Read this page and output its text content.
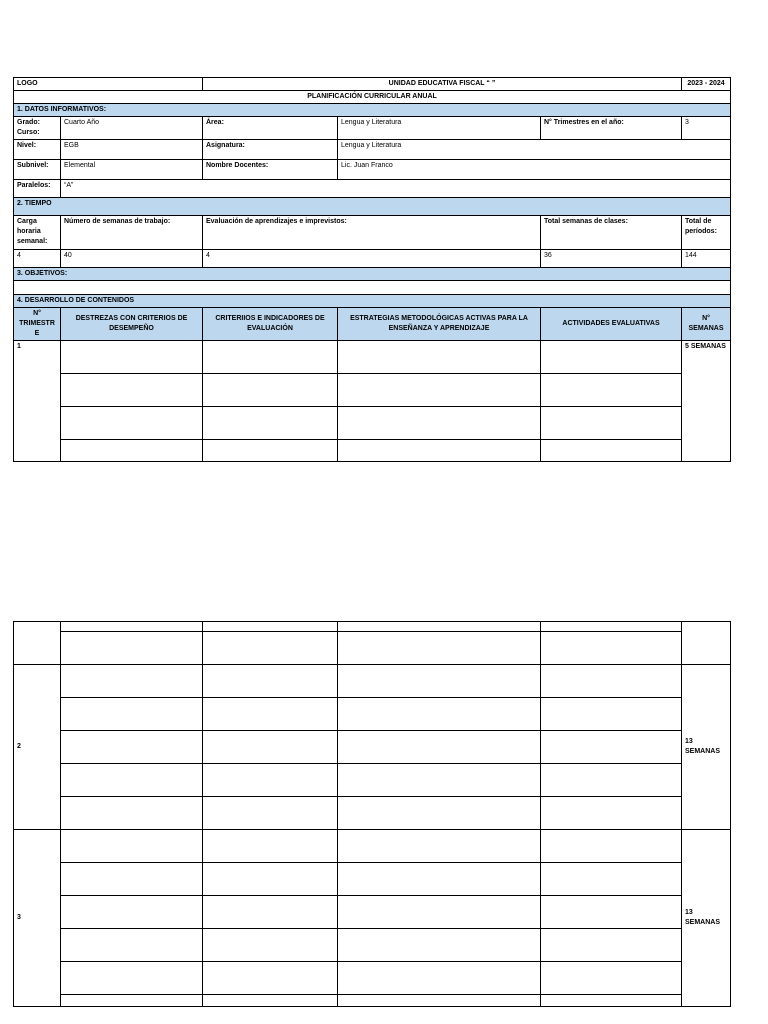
LOGO		UNIDAD EDUCATIVA FISCAL “ ”			2023 - 2024
PLANIFICACIÓN CURRICULAR ANUAL					
1. DATOS INFORMATIVOS:					
Grado: Curso:	Cuarto Año	Área:	Lengua y Literatura	N° Trimestres en el año:	3
Nivel:	EGB	Asignatura:	Lengua y Literatura		
Subnivel:	Elemental	Nombre Docentes:	Lic. Juan Franco		
Paralelos:	“A”				
2. TIEMPO					
Carga horaria semanal:	Número de semanas de trabajo:	Evaluación de aprendizajes e imprevistos:		Total semanas de clases:	Total de períodos:
4	40	4		36	144
3. OBJETIVOS:					

4. DESARROLLO DE CONTENIDOS					
N° TRIMESTR E	DESTREZAS CON CRITERIOS DE DESEMPEÑO	CRITERIIOS E INDICADORES DE EVALUACIÓN	ESTRATEGIAS METODOLÓGICAS ACTIVAS PARA LA ENSEÑANZA Y APRENDIZAJE	ACTIVIDADES EVALUATIVAS	N° SEMANAS
1					5 SEMANAS

2					13 SEMANAS

3					13 SEMANAS
